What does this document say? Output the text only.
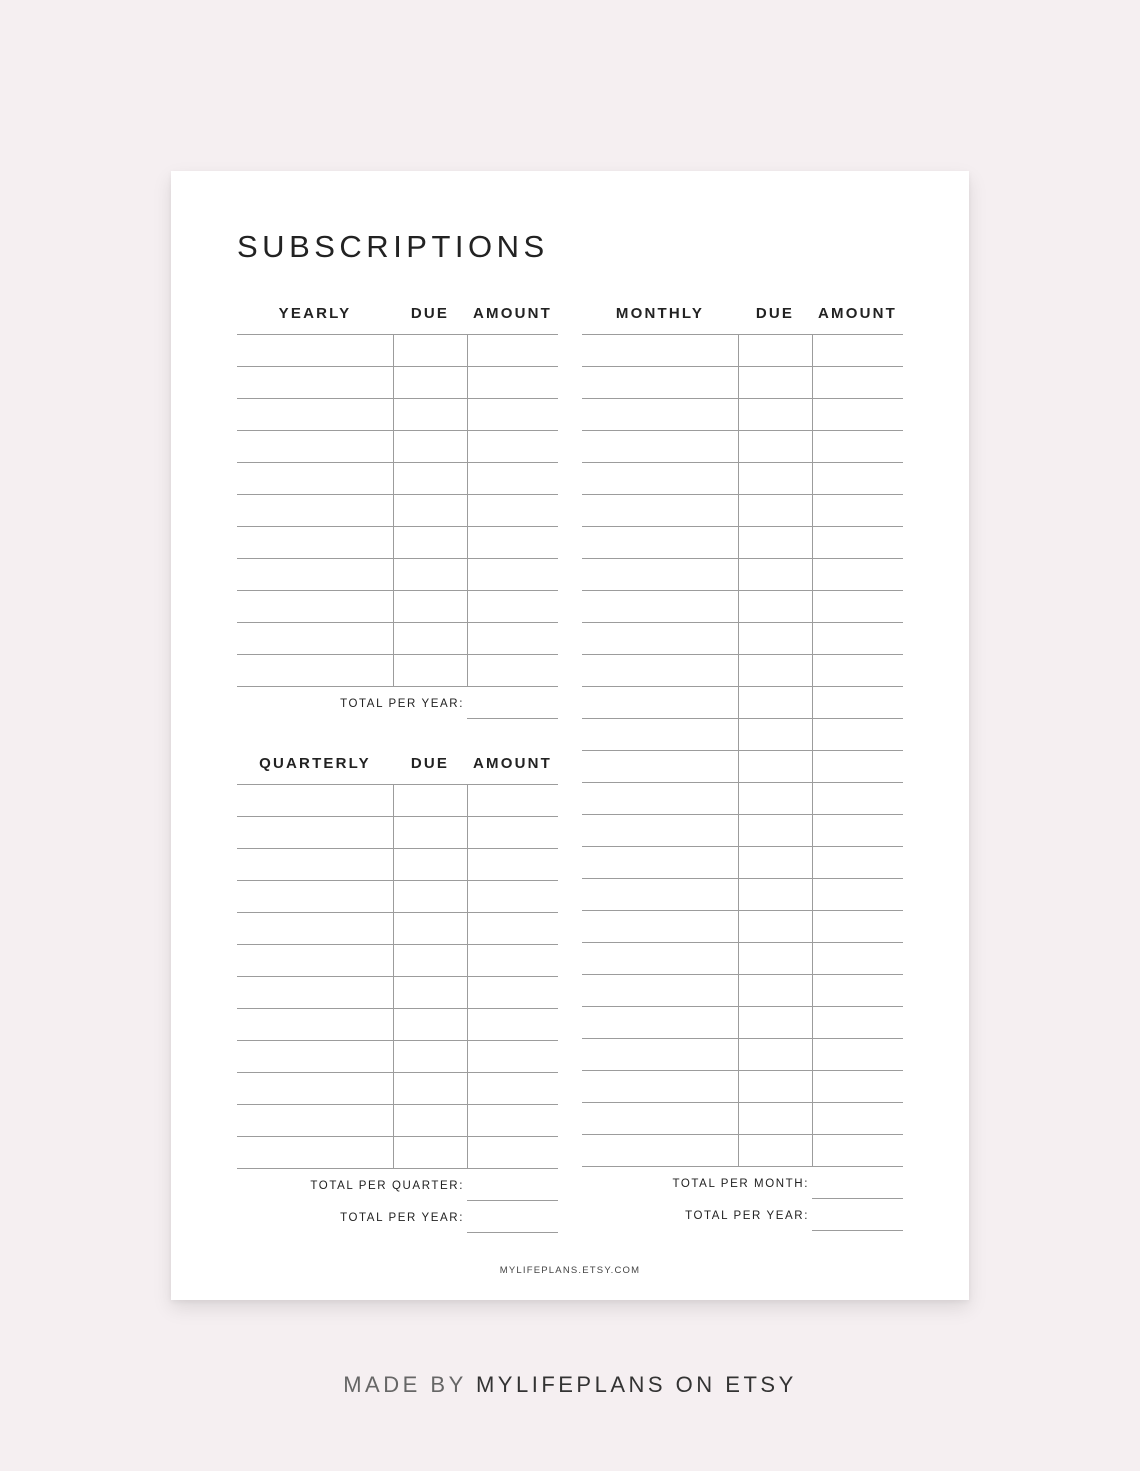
SUBSCRIPTIONS
YEARLY	DUE	AMOUNT
TOTAL PER YEAR:
QUARTERLY	DUE	AMOUNT
TOTAL PER QUARTER:
TOTAL PER YEAR:
MONTHLY	DUE	AMOUNT
TOTAL PER MONTH:
TOTAL PER YEAR:
MYLIFEPLANS.ETSY.COM
MADE BY MYLIFEPLANS ON ETSY
